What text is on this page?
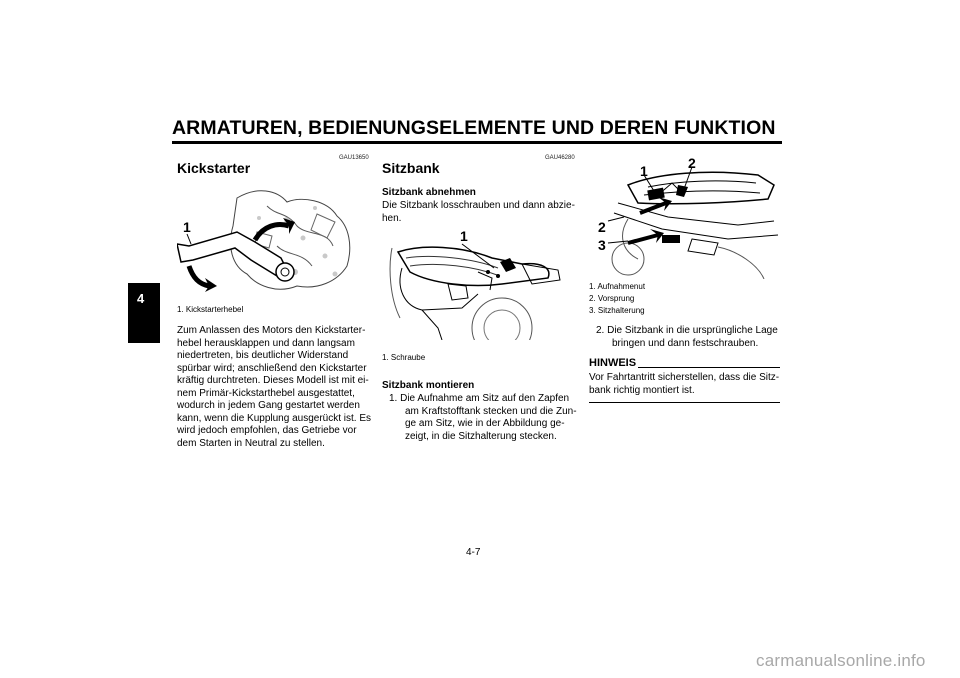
ARMATUREN, BEDIENUNGSELEMENTE UND DEREN FUNKTION
4
GAU13650
Kickstarter
1
1. Kickstarterhebel
Zum Anlassen des Motors den Kickstarter-
hebel herausklappen und dann langsam
niedertreten, bis deutlicher Widerstand
spürbar wird; anschließend den Kickstarter
kräftig durchtreten. Dieses Modell ist mit ei-
nem Primär-Kickstarthebel ausgestattet,
wodurch in jedem Gang gestartet werden
kann, wenn die Kupplung ausgerückt ist. Es
wird jedoch empfohlen, das Getriebe vor
dem Starten in Neutral zu stellen.
GAU46280
Sitzbank
Sitzbank abnehmen
Die Sitzbank losschrauben und dann abzie-
hen.
1
1. Schraube
Sitzbank montieren
1. Die Aufnahme am Sitz auf den Zapfen
am Kraftstofftank stecken und die Zun-
ge am Sitz, wie in der Abbildung ge-
zeigt, in die Sitzhalterung stecken.
1	2
2
3
1. Aufnahmenut
2. Vorsprung
3. Sitzhalterung
2. Die Sitzbank in die ursprüngliche Lage
bringen und dann festschrauben.
HINWEIS
Vor Fahrtantritt sicherstellen, dass die Sitz-
bank richtig montiert ist.
4-7
carmanualsonline.info
